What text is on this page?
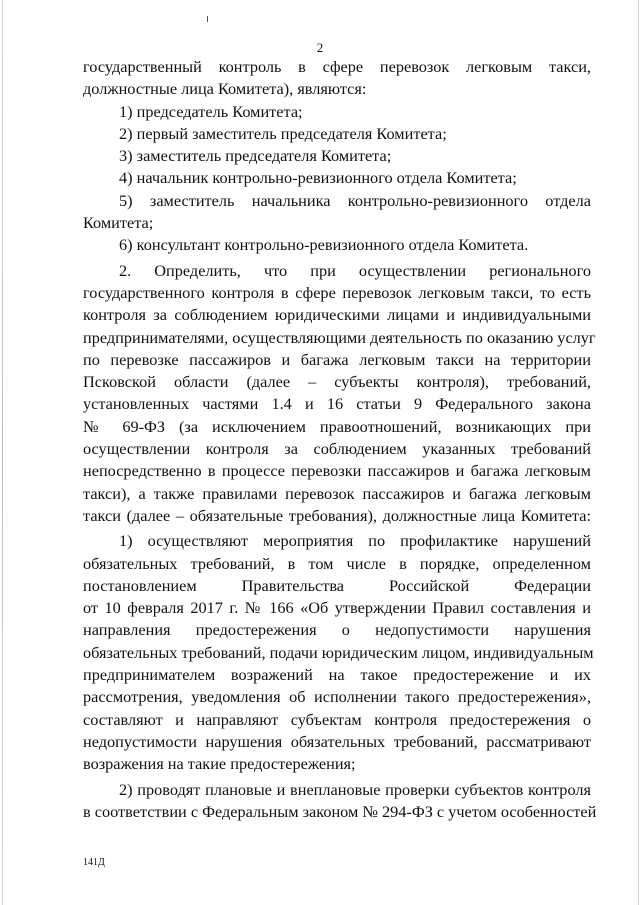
2
государственный контроль в сфере перевозок легковым такси,
должностные лица Комитета), являются:
1) председатель Комитета;
2) первый заместитель председателя Комитета;
3) заместитель председателя Комитета;
4) начальник контрольно-ревизионного отдела Комитета;
5) заместитель начальника контрольно-ревизионного отдела
Комитета;
6) консультант контрольно-ревизионного отдела Комитета.
2. Определить, что при осуществлении регионального
государственного контроля в сфере перевозок легковым такси, то есть
контроля за соблюдением юридическими лицами и индивидуальными
предпринимателями, осуществляющими деятельность по оказанию услуг
по перевозке пассажиров и багажа легковым такси на территории
Псковской области (далее – субъекты контроля), требований,
установленных частями 1.4 и 16 статьи 9 Федерального закона
№ 69-ФЗ (за исключением правоотношений, возникающих при
осуществлении контроля за соблюдением указанных требований
непосредственно в процессе перевозки пассажиров и багажа легковым
такси), а также правилами перевозок пассажиров и багажа легковым
такси (далее – обязательные требования), должностные лица Комитета:
1) осуществляют мероприятия по профилактике нарушений
обязательных требований, в том числе в порядке, определенном
постановлением Правительства Российской Федерации
от 10 февраля 2017 г. № 166 «Об утверждении Правил составления и
направления предостережения о недопустимости нарушения
обязательных требований, подачи юридическим лицом, индивидуальным
предпринимателем возражений на такое предостережение и их
рассмотрения, уведомления об исполнении такого предостережения»,
составляют и направляют субъектам контроля предостережения о
недопустимости нарушения обязательных требований, рассматривают
возражения на такие предостережения;
2) проводят плановые и внеплановые проверки субъектов контроля
в соответствии с Федеральным законом № 294-ФЗ с учетом особенностей
141Д
